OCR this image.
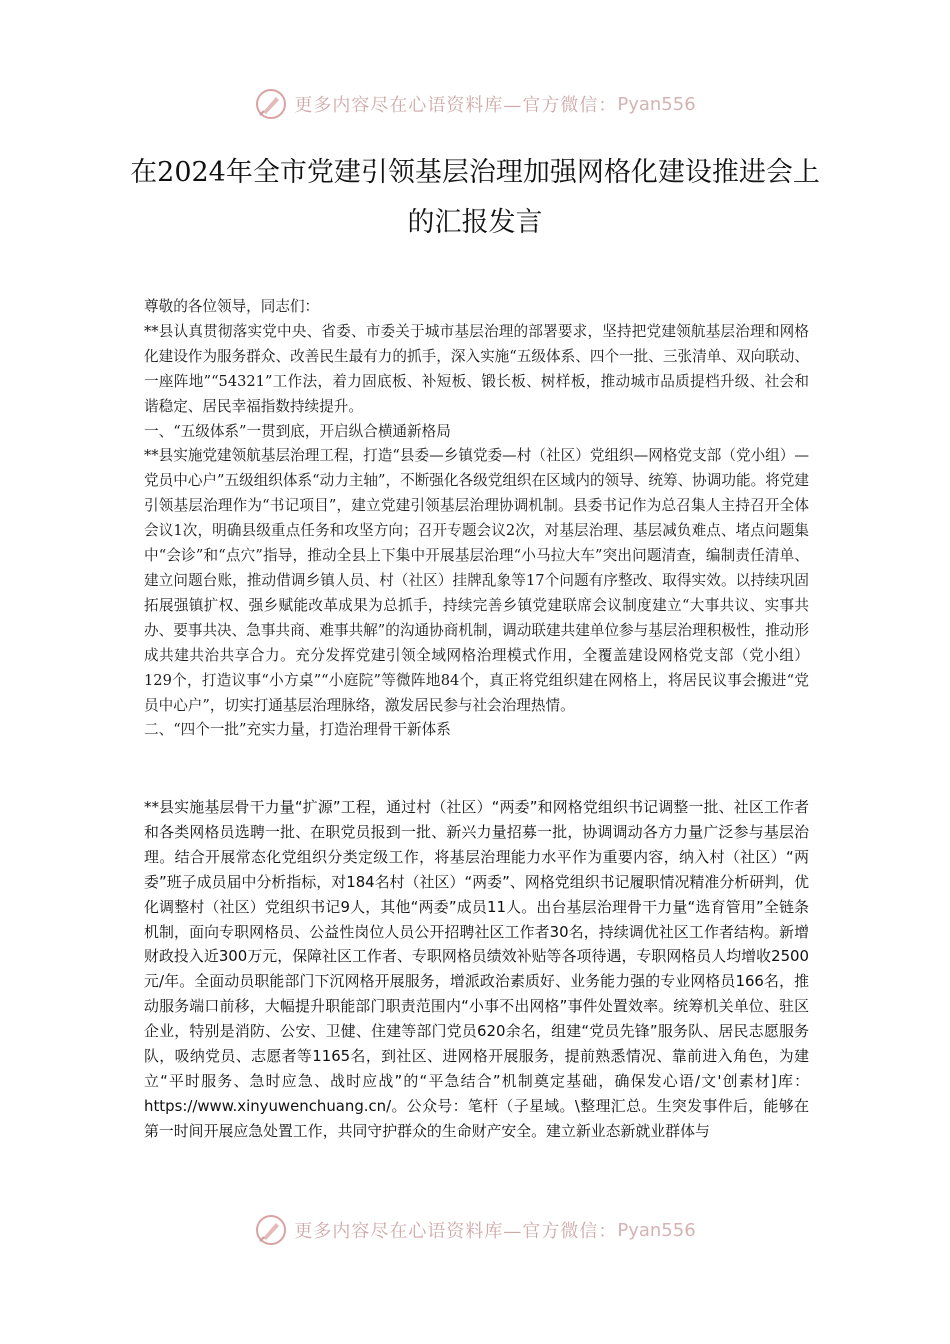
更多内容尽在心语资料库—官方微信： Pyan556
在2024年全市党建引领基层治理加强网格化建设推进会上的汇报发言

尊敬的各位领导，同志们：

**县认真贯彻落实党中央、省委、市委关于城市基层治理的部署要求，坚持把党建领航基层治理和网格化建设作为服务群众、改善民生最有力的抓手，深入实施“五级体系、四个一批、三张清单、双向联动、一座阵地”“54321”工作法，着力固底板、补短板、锻长板、树样板，推动城市品质提档升级、社会和谐稳定、居民幸福指数持续提升。

一、“五级体系”一贯到底，开启纵合横通新格局

**县实施党建领航基层治理工程，打造“县委—乡镇党委—村（社区）党组织—网格党支部（党小组）—党员中心户”五级组织体系“动力主轴”，不断强化各级党组织在区域内的领导、统筹、协调功能。将党建引领基层治理作为“书记项目”，建立党建引领基层治理协调机制。县委书记作为总召集人主持召开全体会议1次，明确县级重点任务和攻坚方向；召开专题会议2次，对基层治理、基层减负难点、堵点问题集中“会诊”和“点穴”指导，推动全县上下集中开展基层治理“小马拉大车”突出问题清查，编制责任清单、建立问题台账，推动借调乡镇人员、村（社区）挂牌乱象等17个问题有序整改、取得实效。以持续巩固拓展强镇扩权、强乡赋能改革成果为总抓手，持续完善乡镇党建联席会议制度建立“大事共议、实事共办、要事共决、急事共商、难事共解”的沟通协商机制，调动联建共建单位参与基层治理积极性，推动形成共建共治共享合力。充分发挥党建引领全域网格治理模式作用，全覆盖建设网格党支部（党小组）129个，打造议事“小方桌”“小庭院”等微阵地84个，真正将党组织建在网格上，将居民议事会搬进“党员中心户”，切实打通基层治理脉络，激发居民参与社会治理热情。

二、“四个一批”充实力量，打造治理骨干新体系

**县实施基层骨干力量“扩源”工程，通过村（社区）“两委”和网格党组织书记调整一批、社区工作者和各类网格员选聘一批、在职党员报到一批、新兴力量招募一批，协调调动各方力量广泛参与基层治理。结合开展常态化党组织分类定级工作，将基层治理能力水平作为重要内容，纳入村（社区）“两委”班子成员届中分析指标，对184名村（社区）“两委”、网格党组织书记履职情况精准分析研判，优化调整村（社区）党组织书记9人，其他“两委”成员11人。出台基层治理骨干力量“选育管用”全链条机制，面向专职网格员、公益性岗位人员公开招聘社区工作者30名，持续调优社区工作者结构。新增财政投入近300万元，保障社区工作者、专职网格员绩效补贴等各项待遇，专职网格员人均增收2500元/年。全面动员职能部门下沉网格开展服务，增派政治素质好、业务能力强的专业网格员166名，推动服务端口前移，大幅提升职能部门职责范围内“小事不出网格”事件处置效率。统筹机关单位、驻区企业，特别是消防、公安、卫健、住建等部门党员620余名，组建“党员先锋”服务队、居民志愿服务队，吸纳党员、志愿者等1165名，到社区、进网格开展服务，提前熟悉情况、靠前进入角色，为建立“平时服务、急时应急、战时应战”的“平急结合”机制奠定基础，确保发心语/文'创素材]库：https://www.xinyuwenchuang.cn/。公众号：笔杆（子星域。\整理汇总。生突发事件后，能够在第一时间开展应急处置工作，共同守护群众的生命财产安全。建立新业态新就业群体与

更多内容尽在心语资料库—官方微信： Pyan556
